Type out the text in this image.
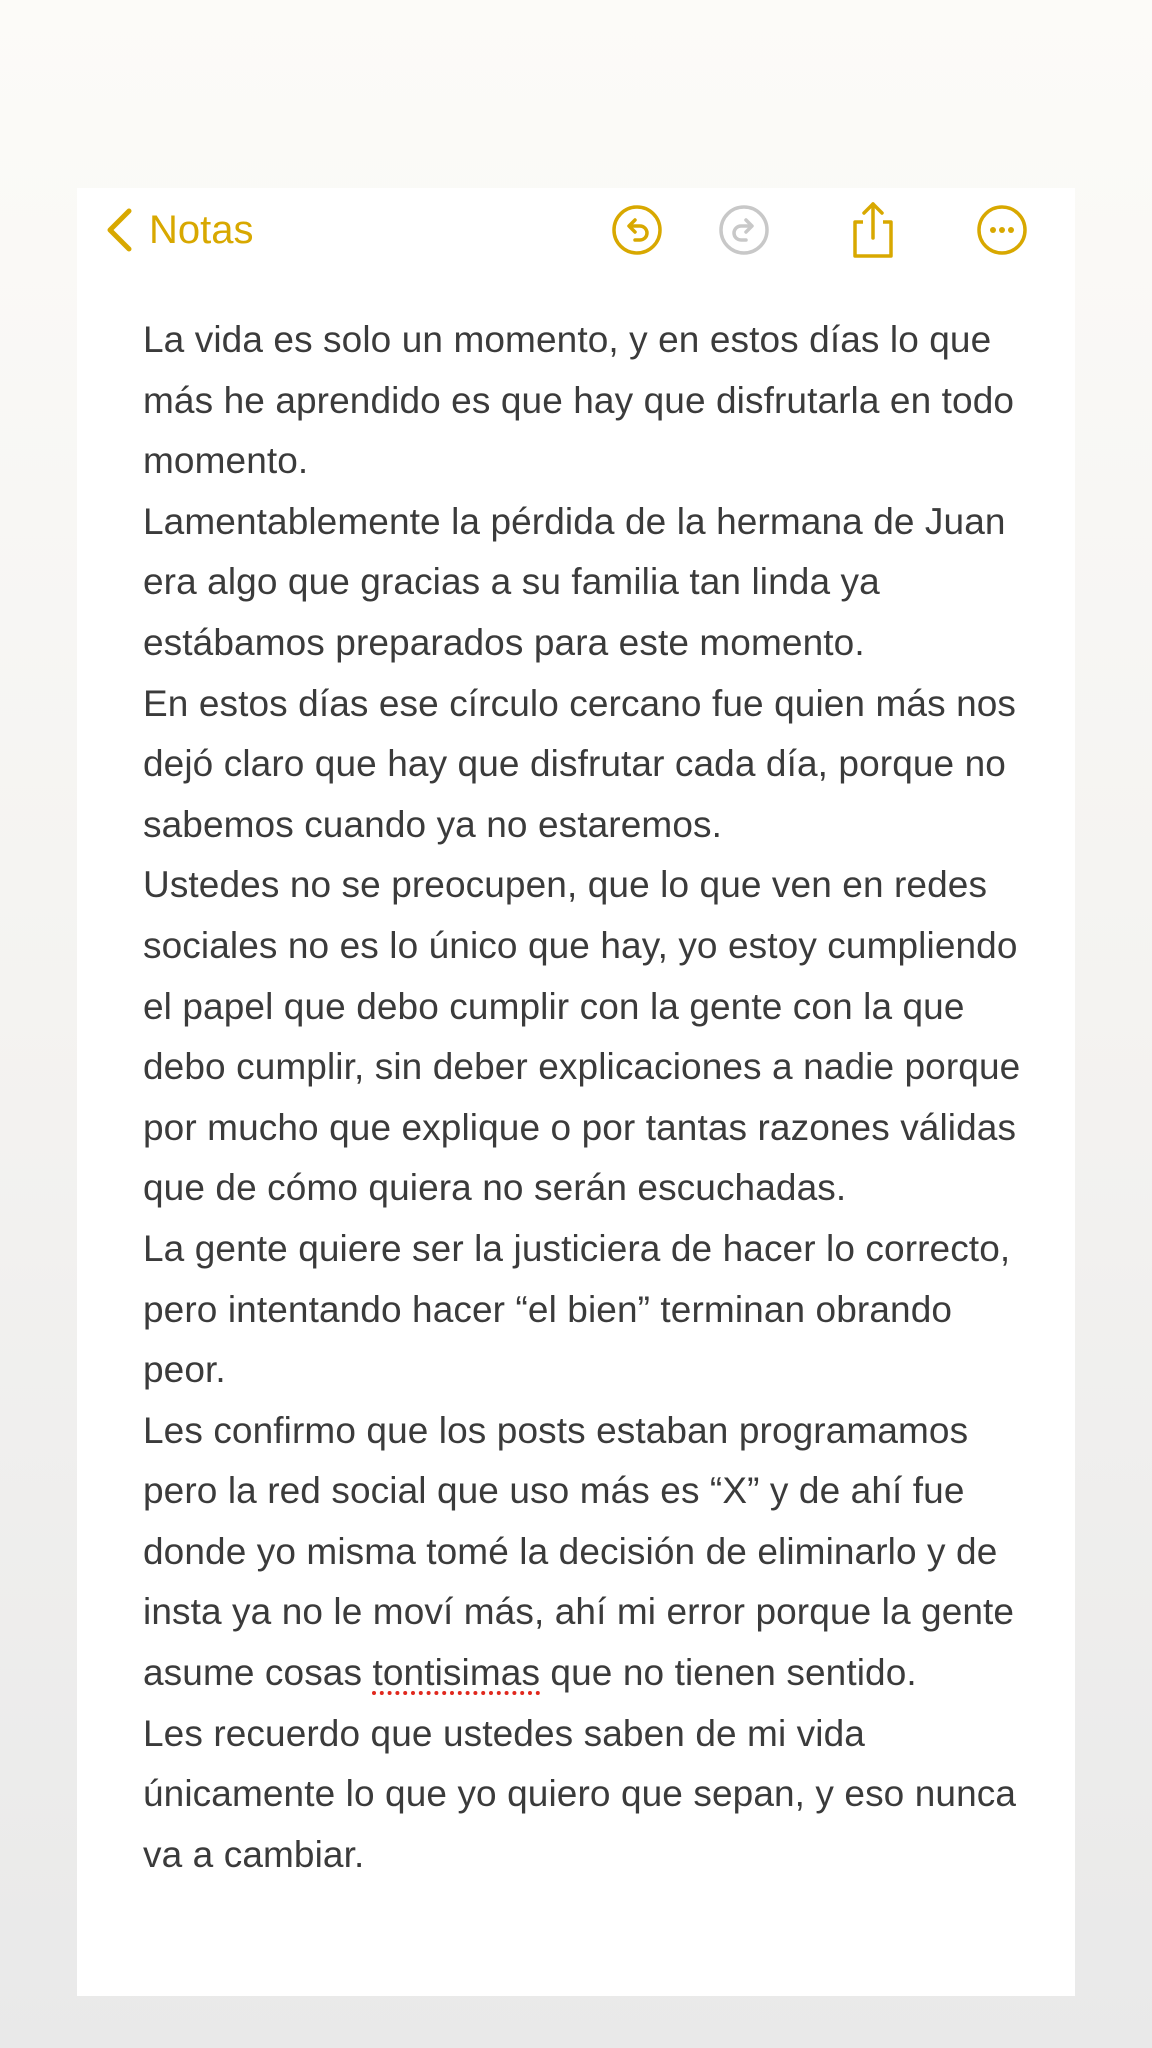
Notas

La vida es solo un momento, y en estos días lo que más he aprendido es que hay que disfrutarla en todo momento.

Lamentablemente la pérdida de la hermana de Juan era algo que gracias a su familia tan linda ya estábamos preparados para este momento.

En estos días ese círculo cercano fue quien más nos dejó claro que hay que disfrutar cada día, porque no sabemos cuando ya no estaremos.

Ustedes no se preocupen, que lo que ven en redes sociales no es lo único que hay, yo estoy cumpliendo el papel que debo cumplir con la gente con la que debo cumplir, sin deber explicaciones a nadie porque por mucho que explique o por tantas razones válidas que de cómo quiera no serán escuchadas.

La gente quiere ser la justiciera de hacer lo correcto, pero intentando hacer “el bien” terminan obrando peor.

Les confirmo que los posts estaban programamos pero la red social que uso más es “X” y de ahí fue donde yo misma tomé la decisión de eliminarlo y de insta ya no le moví más, ahí mi error porque la gente asume cosas tontisimas que no tienen sentido.

Les recuerdo que ustedes saben de mi vida únicamente lo que yo quiero que sepan, y eso nunca va a cambiar.
